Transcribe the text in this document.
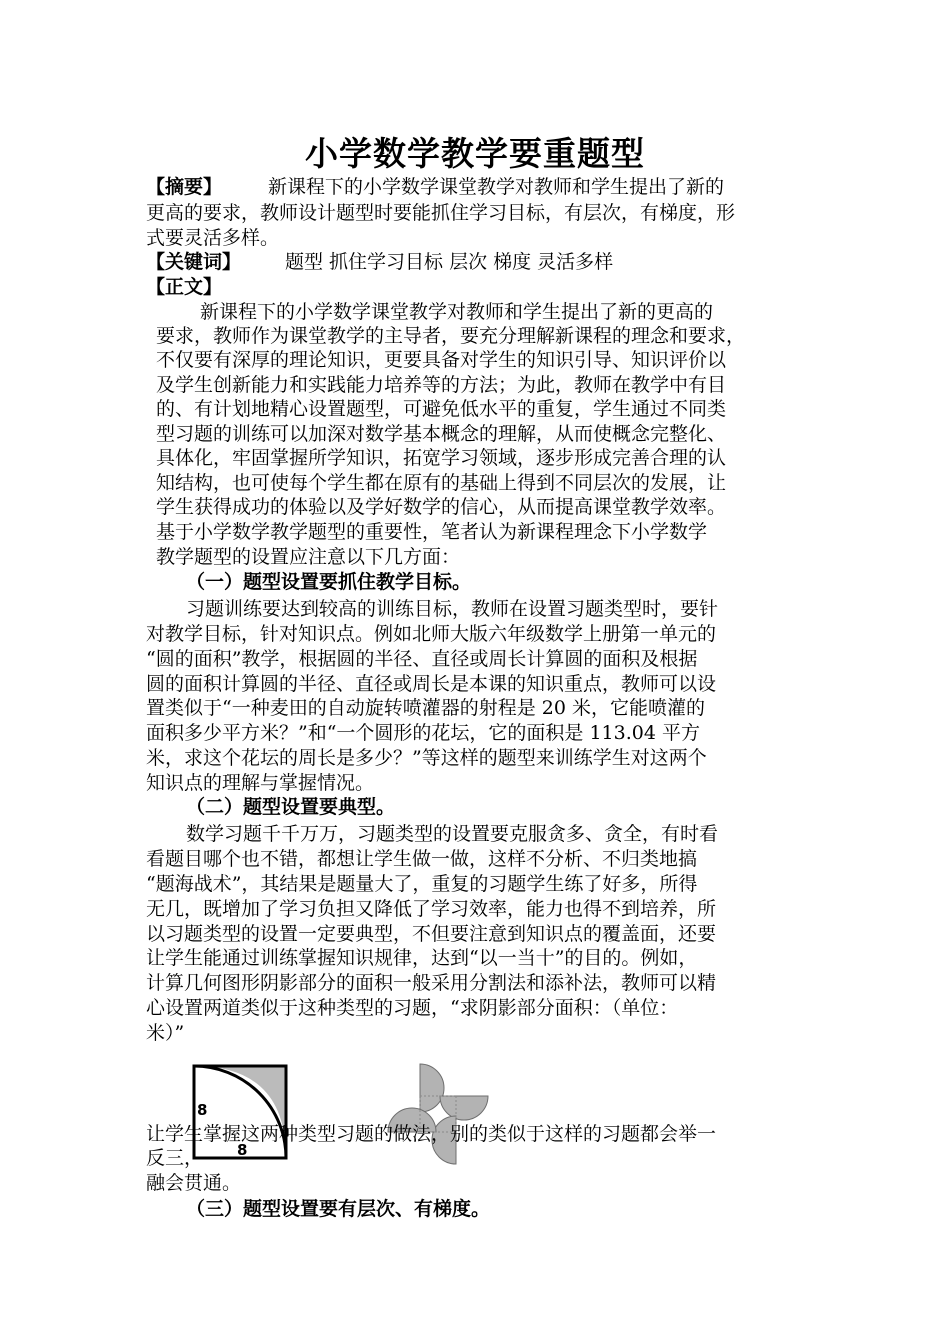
小学数学教学要重题型
【摘要】 新课程下的小学数学课堂教学对教师和学生提出了新的
更高的要求，教师设计题型时要能抓住学习目标，有层次，有梯度，形
式要灵活多样。
【关键词】 题型 抓住学习目标 层次 梯度 灵活多样
【正文】
新课程下的小学数学课堂教学对教师和学生提出了新的更高的
要求，教师作为课堂教学的主导者，要充分理解新课程的理念和要求，
不仅要有深厚的理论知识，更要具备对学生的知识引导、知识评价以
及学生创新能力和实践能力培养等的方法；为此，教师在教学中有目
的、有计划地精心设置题型，可避免低水平的重复，学生通过不同类
型习题的训练可以加深对数学基本概念的理解，从而使概念完整化、
具体化，牢固掌握所学知识，拓宽学习领域，逐步形成完善合理的认
知结构，也可使每个学生都在原有的基础上得到不同层次的发展，让
学生获得成功的体验以及学好数学的信心，从而提高课堂教学效率。
基于小学数学教学题型的重要性，笔者认为新课程理念下小学数学
教学题型的设置应注意以下几方面：
（一）题型设置要抓住教学目标。
习题训练要达到较高的训练目标，教师在设置习题类型时，要针
对教学目标，针对知识点。例如北师大版六年级数学上册第一单元的
“圆的面积”教学，根据圆的半径、直径或周长计算圆的面积及根据
圆的面积计算圆的半径、直径或周长是本课的知识重点，教师可以设
置类似于“一种麦田的自动旋转喷灌器的射程是 20 米，它能喷灌的
面积多少平方米？”和“一个圆形的花坛，它的面积是 113.04 平方
米，求这个花坛的周长是多少？”等这样的题型来训练学生对这两个
知识点的理解与掌握情况。
（二）题型设置要典型。
数学习题千千万万，习题类型的设置要克服贪多、贪全，有时看
看题目哪个也不错，都想让学生做一做，这样不分析、不归类地搞
“题海战术”，其结果是题量大了，重复的习题学生练了好多，所得
无几，既增加了学习负担又降低了学习效率，能力也得不到培养，所
以习题类型的设置一定要典型，不但要注意到知识点的覆盖面，还要
让学生能通过训练掌握知识规律，达到“以一当十”的目的。例如，
计算几何图形阴影部分的面积一般采用分割法和添补法，教师可以精
心设置两道类似于这种类型的习题，“求阴影部分面积：（单位：
米）”
让学生掌握这两种类型习题的做法，别的类似于这样的习题都会举一
反三，
融会贯通。
8
8
（三）题型设置要有层次、有梯度。
